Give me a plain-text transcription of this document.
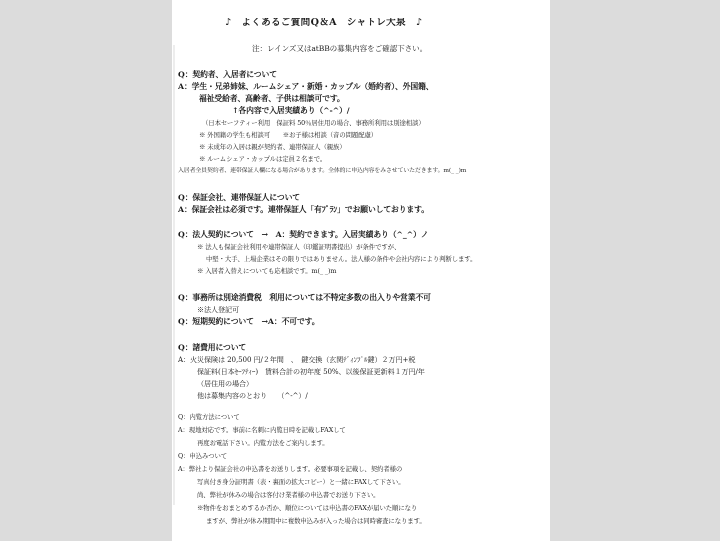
♪　よくあるご質問Q＆A　シャトレ大泉　♪
注：レインズ又はatBBの募集内容をご確認下さい。
Q：契約者、入居者について
A：学生・兄弟姉妹、ルームシェア・新婚・カップル（婚約者）、外国籍、
福祉受給者、高齢者、子供は相談可です。
↑各内容で入居実績あり（^-^）/
（日本セーフティー利用　保証料 50％居住用の場合、事務所利用は別途相談）
※ 外国籍の学生も相談可　　※お子様は相談（音の問題配慮）
※ 未成年の入居は親が契約者、連帯保証人（親族）
※ ルームシェア・カップルは定員２名まで。
入居者全員契約者、連帯保証人欄になる場合があります。全体的に申込内容をみさせていただきます。m(_ _)m
Q：保証会社、連帯保証人について
A：保証会社は必須です。連帯保証人「有ﾌﾟﾗﾝ」でお願いしております。
Q：法人契約について　→　A：契約できます。入居実績あり（^_^）ノ
※ 法人も保証会社利用や連帯保証人（印鑑証明書提出）が条件ですが、
中堅・大手、上場企業はその限りではありません。法人様の条件や会社内容により判断します。
※ 入居者入替えについても応相談です。m(_ _)m
Q：事務所は別途消費税　利用については不特定多数の出入りや営業不可
※法人登記可
Q：短期契約について　→A：不可です。
Q：諸費用について
A：火災保険は 20,500 円/２年間　、　鍵交換（玄関ﾃﾞｨﾝﾌﾟﾙ鍵）２万円+税
保証料(日本ｾｰﾌﾃｨｰ)　賃料合計の初年度 50%、以後保証更新料１万円/年
（居住用の場合）
他は募集内容のとおり　　（^-^）/
Q：内覧方法について
A：現地対応です。事前に名刺に内覧日時を記載しFAXして
再度お電話下さい。内覧方法をご案内します。
Q：申込みついて
A：弊社より保証会社の申込書をお送りします。必要事項を記載し、契約者様の
写真付き身分証明書（表・裏面の拡大コピー）と一緒にFAXして下さい。
尚、弊社が休みの場合は客付け業者様の申込書でお送り下さい。
※物件をおまとめするか否か、順位については申込書のFAXが届いた順になり
ますが、弊社が休み期間中に複数申込みが入った場合は同時審査になります。
